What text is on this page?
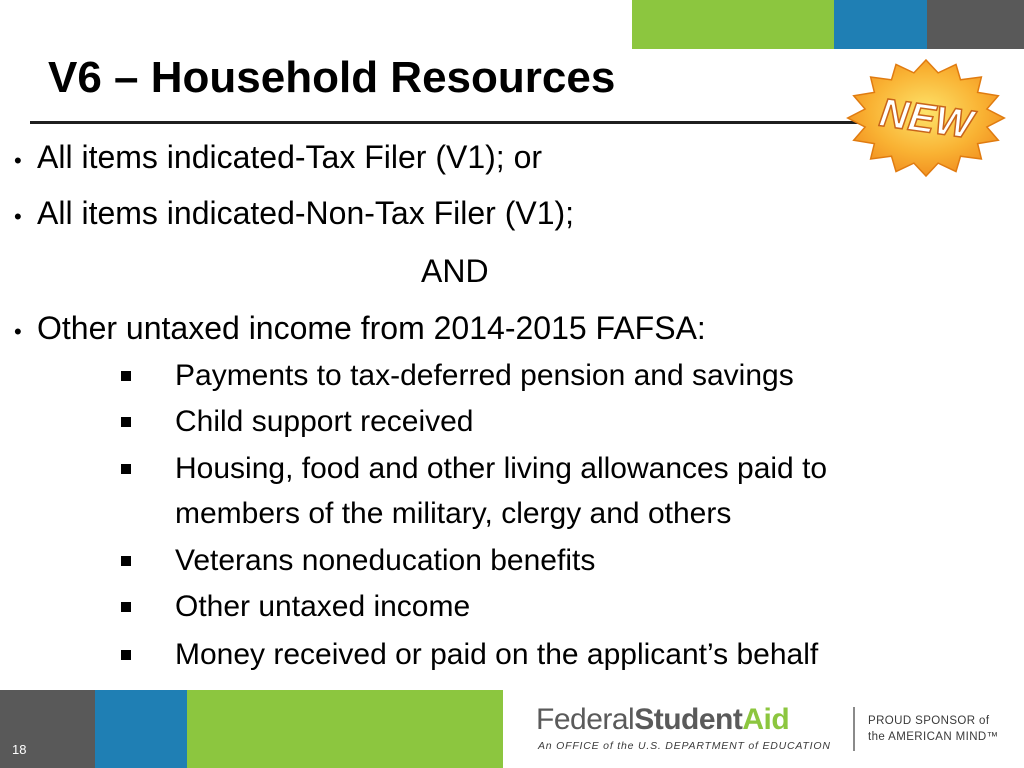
V6 – Household Resources
NEW
• All items indicated-Tax Filer (V1); or
• All items indicated-Non-Tax Filer (V1);
AND
• Other untaxed income from 2014-2015 FAFSA:
Payments to tax-deferred pension and savings
Child support received
Housing, food and other living allowances paid to
members of the military, clergy and others
Veterans noneducation benefits
Other untaxed income
Money received or paid on the applicant’s behalf
18
FederalStudentAid
An OFFICE of the U.S. DEPARTMENT of EDUCATION
PROUD SPONSOR of
the AMERICAN MIND™
